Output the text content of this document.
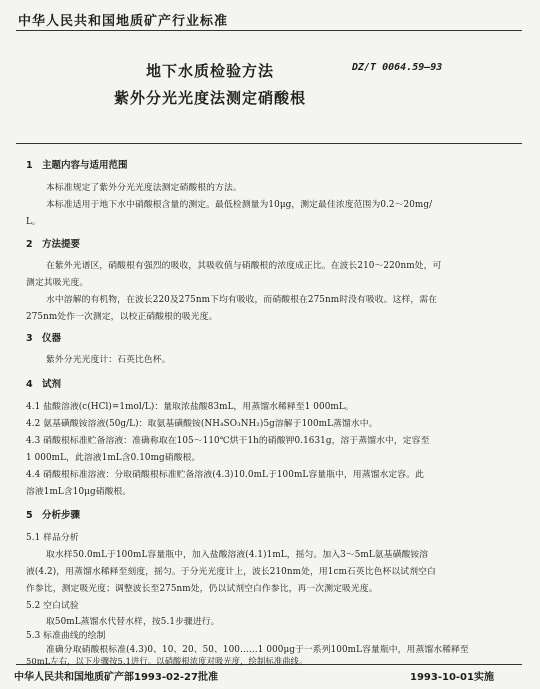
中华人民共和国地质矿产行业标准
地下水质检验方法
紫外分光光度法测定硝酸根
DZ/T 0064.59—93
1 主题内容与适用范围
本标准规定了紫外分光光度法测定硝酸根的方法。
本标准适用于地下水中硝酸根含量的测定。最低检测量为10μg，测定最佳浓度范围为0.2～20mg/
L。
2 方法提要
在紫外光谱区，硝酸根有强烈的吸收，其吸收值与硝酸根的浓度成正比。在波长210～220nm处，可
测定其吸光度。
水中溶解的有机物，在波长220及275nm下均有吸收，而硝酸根在275nm时没有吸收。这样，需在
275nm处作一次测定，以校正硝酸根的吸光度。
3 仪器
紫外分光光度计：石英比色杯。
4 试剂
4.1 盐酸溶液(c(HCl)=1mol/L)：量取浓盐酸83mL，用蒸馏水稀释至1 000mL。
4.2 氨基磺酸铵溶液(50g/L)：取氨基磺酸铵(NH₄SO₃NH₂)5g溶解于100mL蒸馏水中。
4.3 硝酸根标准贮备溶液：准确称取在105～110℃烘干1h的硝酸钾0.1631g，溶于蒸馏水中，定容至
1 000mL，此溶液1mL含0.10mg硝酸根。
4.4 硝酸根标准溶液：分取硝酸根标准贮备溶液(4.3)10.0mL于100mL容量瓶中，用蒸馏水定容。此
溶液1mL含10μg硝酸根。
5 分析步骤
5.1 样品分析
取水样50.0mL于100mL容量瓶中，加入盐酸溶液(4.1)1mL，摇匀。加入3～5mL氨基磺酸铵溶
液(4.2)，用蒸馏水稀释至刻度，摇匀。于分光光度计上，波长210nm处，用1cm石英比色杯以试剂空白
作参比，测定吸光度；调整波长至275nm处，仍以试剂空白作参比，再一次测定吸光度。
5.2 空白试验
取50mL蒸馏水代替水样，按5.1步骤进行。
5.3 标准曲线的绘制
准确分取硝酸根标准(4.3)0、10、20、50、100……1 000μg于一系列100mL容量瓶中，用蒸馏水稀释至
中华人民共和国地质矿产部1993-02-27批准	1993-10-01实施
50mL左右，以下步骤按5.1进行。以硝酸根浓度对吸光度，绘制标准曲线。
